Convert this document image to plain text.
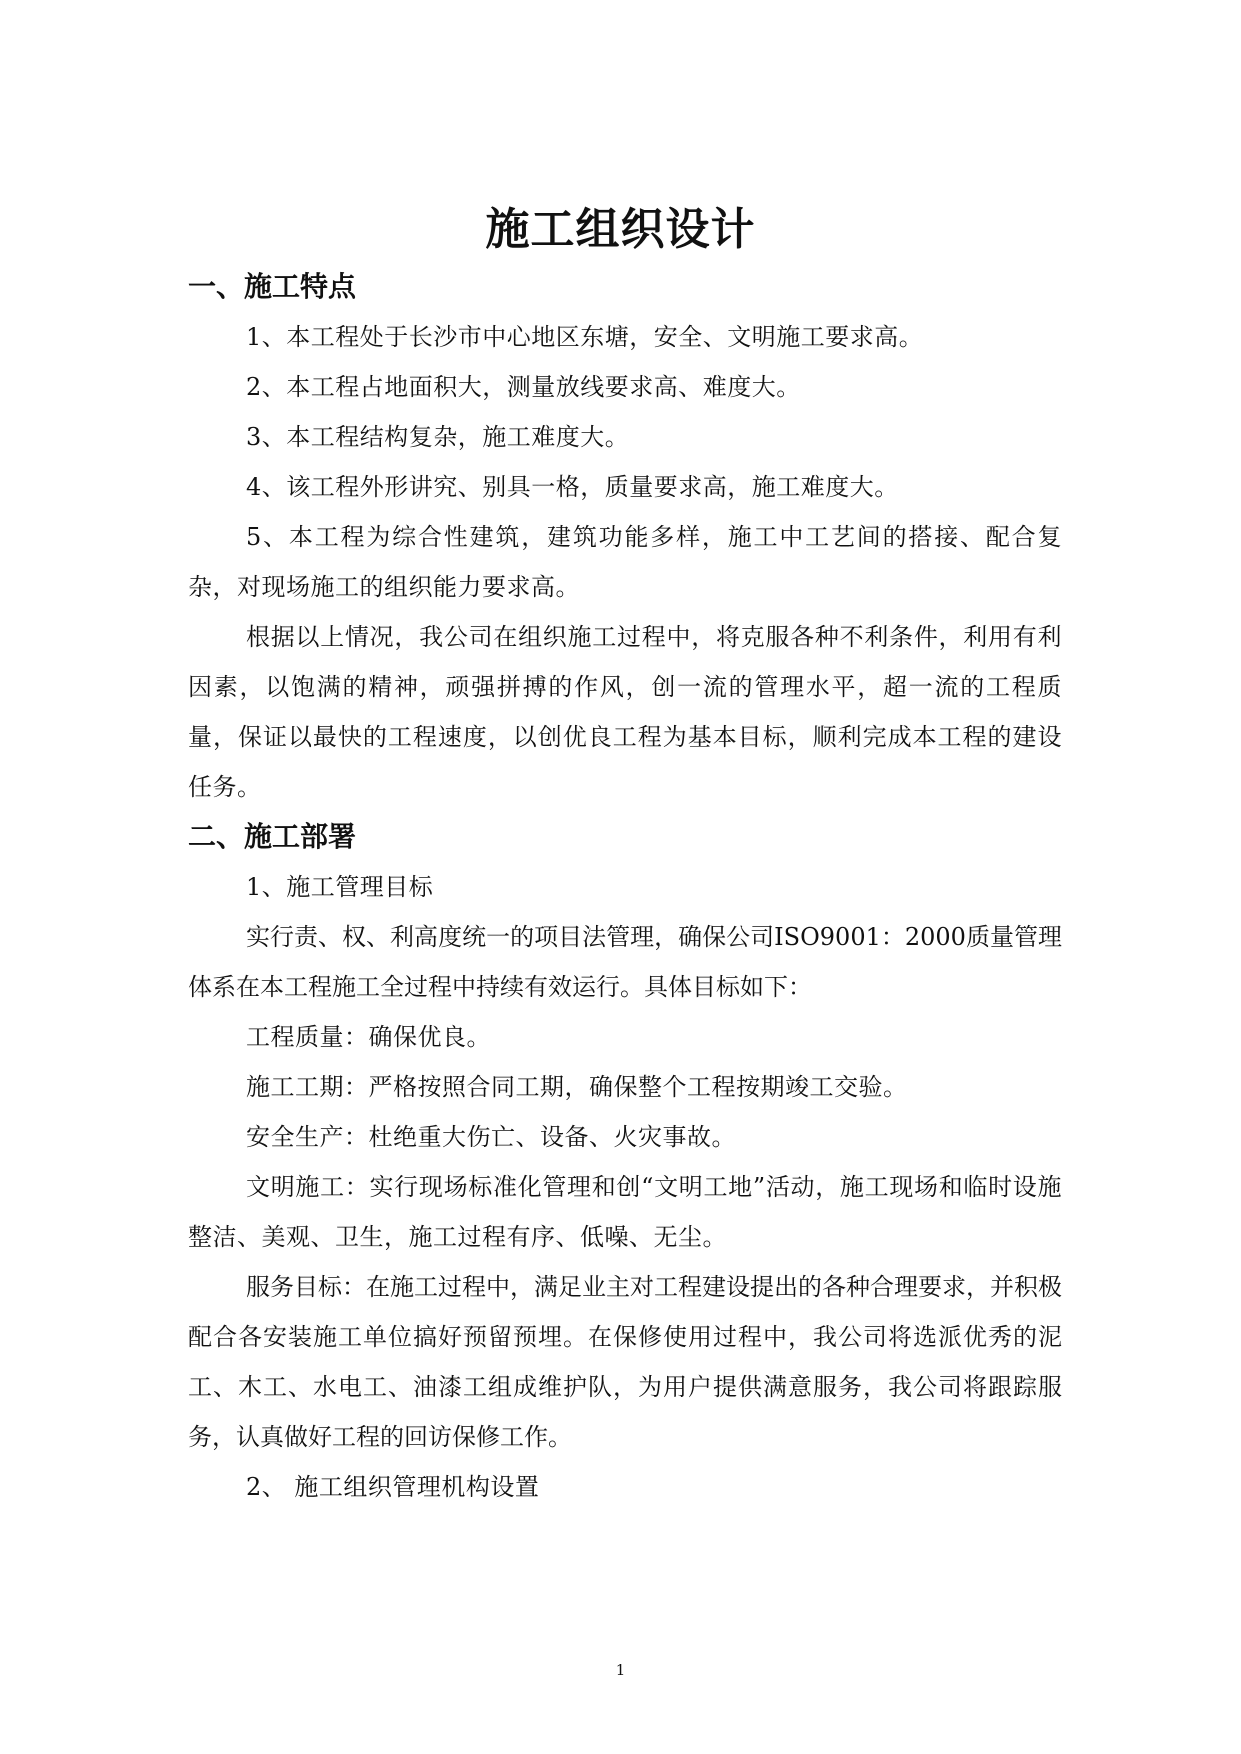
施工组织设计

一、施工特点

1、本工程处于长沙市中心地区东塘，安全、文明施工要求高。

2、本工程占地面积大，测量放线要求高、难度大。

3、本工程结构复杂，施工难度大。

4、该工程外形讲究、别具一格，质量要求高，施工难度大。

5、本工程为综合性建筑，建筑功能多样，施工中工艺间的搭接、配合复杂，对现场施工的组织能力要求高。

根据以上情况，我公司在组织施工过程中，将克服各种不利条件，利用有利因素，以饱满的精神，顽强拼搏的作风，创一流的管理水平，超一流的工程质量，保证以最快的工程速度，以创优良工程为基本目标，顺利完成本工程的建设任务。

二、施工部署

1、施工管理目标

实行责、权、利高度统一的项目法管理，确保公司ISO9001：2000质量管理体系在本工程施工全过程中持续有效运行。具体目标如下：

工程质量：确保优良。

施工工期：严格按照合同工期，确保整个工程按期竣工交验。

安全生产：杜绝重大伤亡、设备、火灾事故。

文明施工：实行现场标准化管理和创“文明工地”活动，施工现场和临时设施整洁、美观、卫生，施工过程有序、低噪、无尘。

服务目标：在施工过程中，满足业主对工程建设提出的各种合理要求，并积极配合各安装施工单位搞好预留预埋。在保修使用过程中，我公司将选派优秀的泥工、木工、水电工、油漆工组成维护队，为用户提供满意服务，我公司将跟踪服务，认真做好工程的回访保修工作。

2、 施工组织管理机构设置

1
